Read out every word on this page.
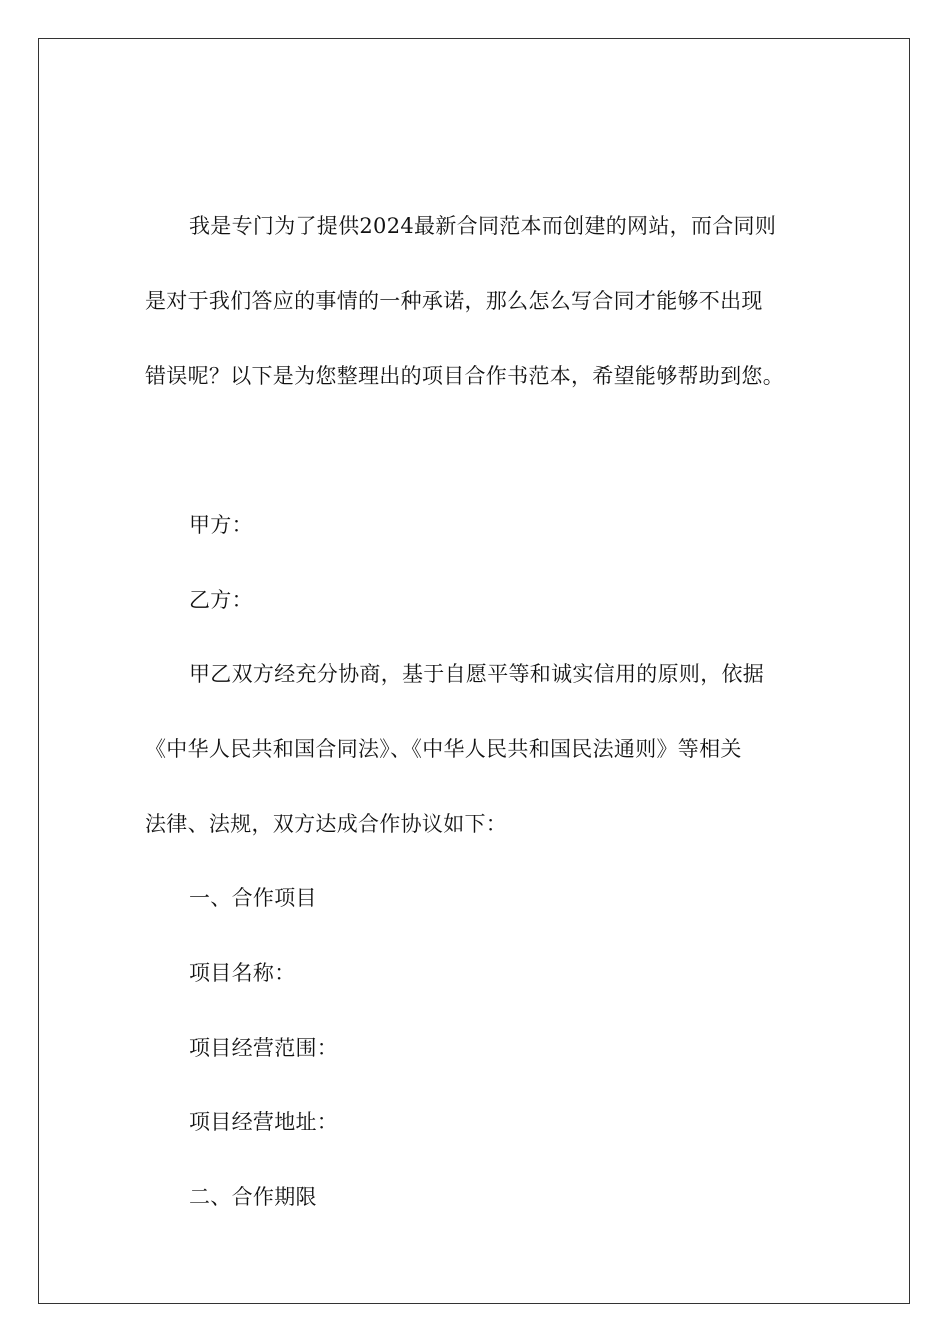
我是专门为了提供2024最新合同范本而创建的网站，而合同则
是对于我们答应的事情的一种承诺，那么怎么写合同才能够不出现
错误呢？以下是为您整理出的项目合作书范本，希望能够帮助到您。
甲方：
乙方：
甲乙双方经充分协商，基于自愿平等和诚实信用的原则，依据
《中华人民共和国合同法》、《中华人民共和国民法通则》等相关
法律、法规，双方达成合作协议如下：
一、合作项目
项目名称：
项目经营范围：
项目经营地址：
二、合作期限
